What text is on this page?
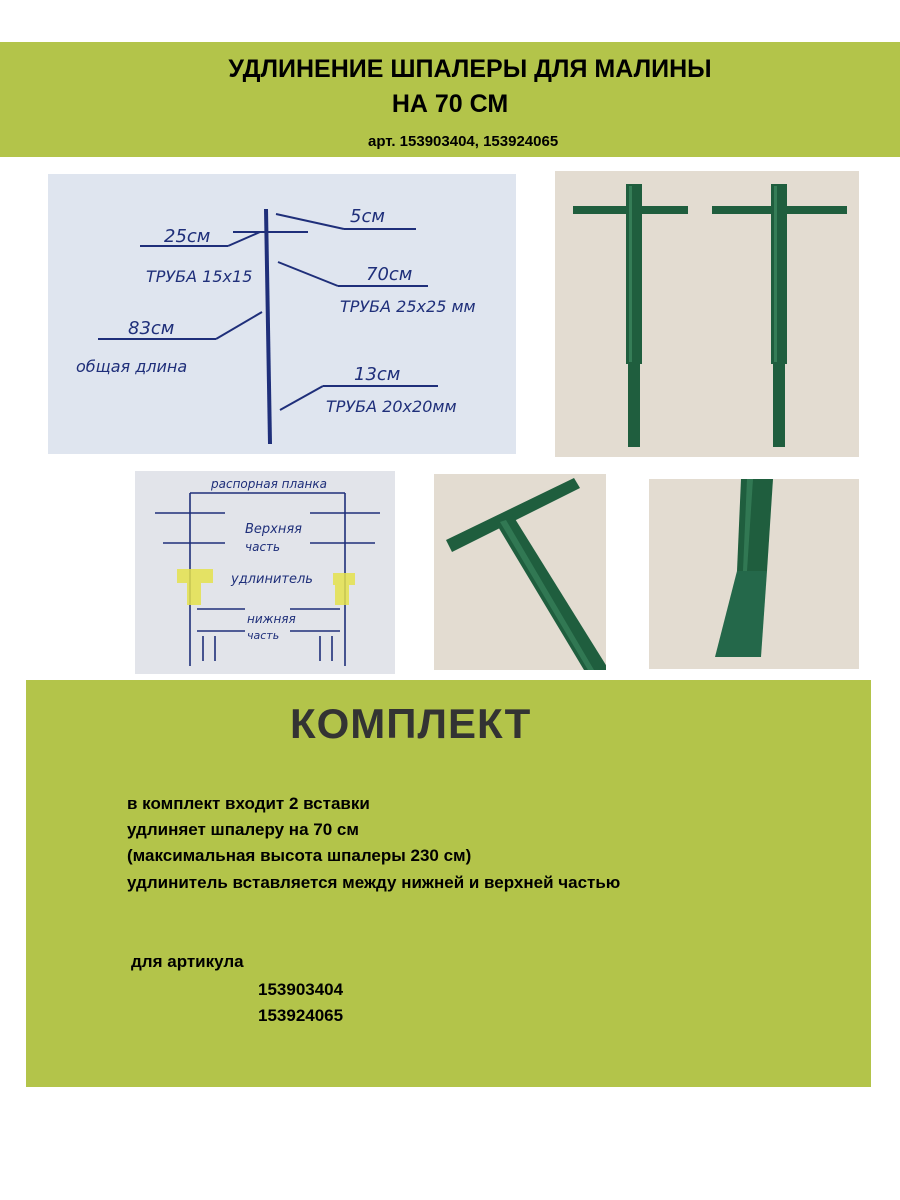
УДЛИНЕНИЕ ШПАЛЕРЫ ДЛЯ МАЛИНЫ
НА 70 СМ
арт. 153903404, 153924065
5см
25см
ТРУБА 15х15	70см
ТРУБА 25х25 мм
83см
общая длина	13см
ТРУБА 20х20мм
распорная планка
Верхняя
часть
удлинитель
нижняя
часть
КОМПЛЕКТ
в комплект входит 2 вставки
удлиняет шпалеру на 70 см
(максимальная высота шпалеры 230 см)
удлинитель вставляется между нижней и верхней частью
для артикула
153903404
153924065
